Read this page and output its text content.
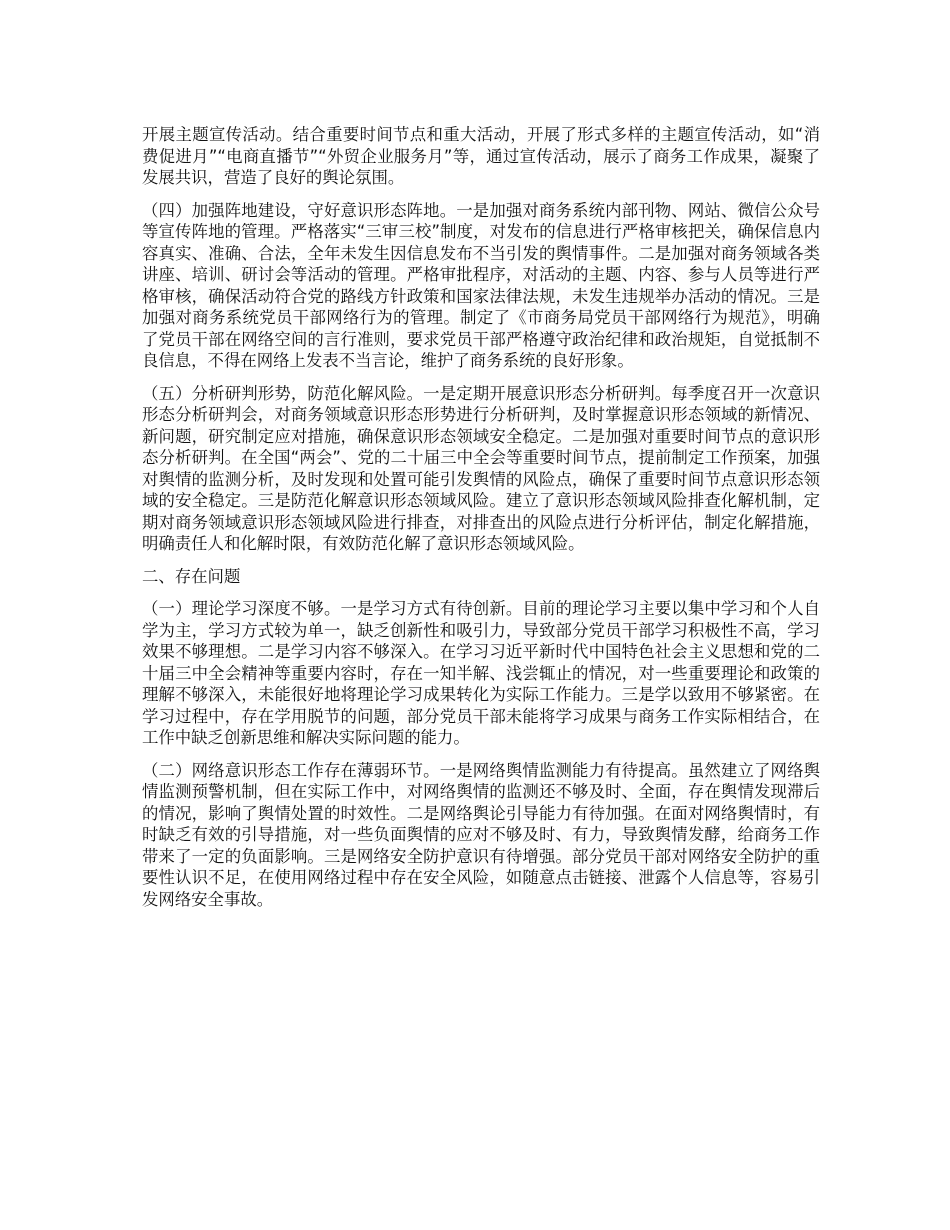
开展主题宣传活动。结合重要时间节点和重大活动，开展了形式多样的主题宣传活动，如“消费促进月”“电商直播节”“外贸企业服务月”等，通过宣传活动，展示了商务工作成果，凝聚了发展共识，营造了良好的舆论氛围。

（四）加强阵地建设，守好意识形态阵地。一是加强对商务系统内部刊物、网站、微信公众号等宣传阵地的管理。严格落实“三审三校”制度，对发布的信息进行严格审核把关，确保信息内容真实、准确、合法，全年未发生因信息发布不当引发的舆情事件。二是加强对商务领域各类讲座、培训、研讨会等活动的管理。严格审批程序，对活动的主题、内容、参与人员等进行严格审核，确保活动符合党的路线方针政策和国家法律法规，未发生违规举办活动的情况。三是加强对商务系统党员干部网络行为的管理。制定了《市商务局党员干部网络行为规范》，明确了党员干部在网络空间的言行准则，要求党员干部严格遵守政治纪律和政治规矩，自觉抵制不良信息，不得在网络上发表不当言论，维护了商务系统的良好形象。

（五）分析研判形势，防范化解风险。一是定期开展意识形态分析研判。每季度召开一次意识形态分析研判会，对商务领域意识形态形势进行分析研判，及时掌握意识形态领域的新情况、新问题，研究制定应对措施，确保意识形态领域安全稳定。二是加强对重要时间节点的意识形态分析研判。在全国“两会”、党的二十届三中全会等重要时间节点，提前制定工作预案，加强对舆情的监测分析，及时发现和处置可能引发舆情的风险点，确保了重要时间节点意识形态领域的安全稳定。三是防范化解意识形态领域风险。建立了意识形态领域风险排查化解机制，定期对商务领域意识形态领域风险进行排查，对排查出的风险点进行分析评估，制定化解措施，明确责任人和化解时限，有效防范化解了意识形态领域风险。

二、存在问题

（一）理论学习深度不够。一是学习方式有待创新。目前的理论学习主要以集中学习和个人自学为主，学习方式较为单一，缺乏创新性和吸引力，导致部分党员干部学习积极性不高，学习效果不够理想。二是学习内容不够深入。在学习习近平新时代中国特色社会主义思想和党的二十届三中全会精神等重要内容时，存在一知半解、浅尝辄止的情况，对一些重要理论和政策的理解不够深入，未能很好地将理论学习成果转化为实际工作能力。三是学以致用不够紧密。在学习过程中，存在学用脱节的问题，部分党员干部未能将学习成果与商务工作实际相结合，在工作中缺乏创新思维和解决实际问题的能力。

（二）网络意识形态工作存在薄弱环节。一是网络舆情监测能力有待提高。虽然建立了网络舆情监测预警机制，但在实际工作中，对网络舆情的监测还不够及时、全面，存在舆情发现滞后的情况，影响了舆情处置的时效性。二是网络舆论引导能力有待加强。在面对网络舆情时，有时缺乏有效的引导措施，对一些负面舆情的应对不够及时、有力，导致舆情发酵，给商务工作带来了一定的负面影响。三是网络安全防护意识有待增强。部分党员干部对网络安全防护的重要性认识不足，在使用网络过程中存在安全风险，如随意点击链接、泄露个人信息等，容易引发网络安全事故。
